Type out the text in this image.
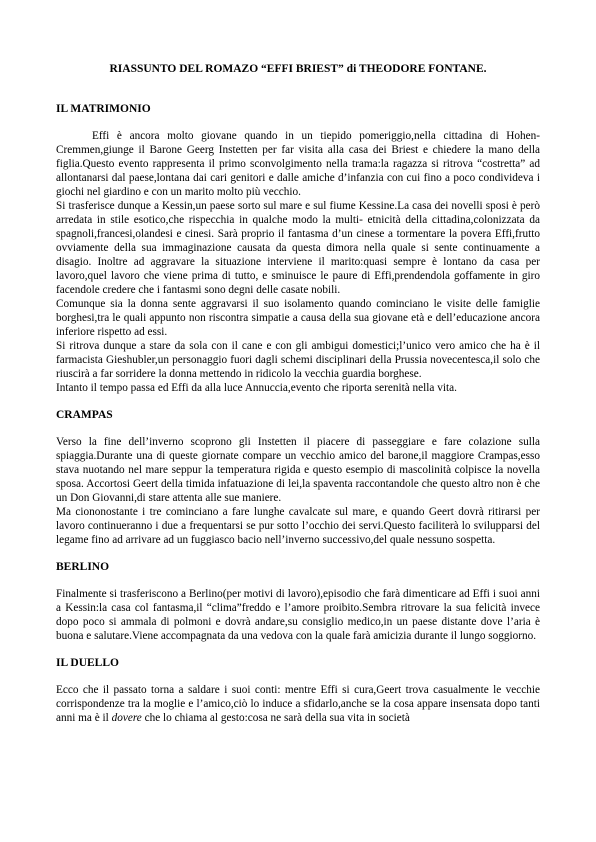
RIASSUNTO DEL ROMAZO “EFFI BRIEST” di THEODORE FONTANE.

IL MATRIMONIO

Effi è ancora molto giovane quando in un tiepido pomeriggio,nella cittadina di Hohen-Cremmen,giunge il Barone Geerg Instetten per far visita alla casa dei Briest e chiedere la mano della figlia.Questo evento rappresenta il primo sconvolgimento nella trama:la ragazza si ritrova “costretta” ad allontanarsi dal paese,lontana dai cari genitori e dalle amiche d’infanzia con cui fino a poco condivideva i giochi nel giardino e con un marito molto più vecchio.

Si trasferisce dunque a Kessin,un paese sorto sul mare e sul fiume Kessine.La casa dei novelli sposi è però arredata in stile esotico,che rispecchia in qualche modo la multi- etnicità della cittadina,colonizzata da spagnoli,francesi,olandesi e cinesi. Sarà proprio il fantasma d’un cinese a tormentare la povera Effi,frutto ovviamente della sua immaginazione causata da questa dimora nella quale si sente continuamente a disagio. Inoltre ad aggravare la situazione interviene il marito:quasi sempre è lontano da casa per lavoro,quel lavoro che viene prima di tutto, e sminuisce le paure di Effi,prendendola goffamente in giro facendole credere che i fantasmi sono degni delle casate nobili.

Comunque sia la donna sente aggravarsi il suo isolamento quando cominciano le visite delle famiglie borghesi,tra le quali appunto non riscontra simpatie a causa della sua giovane età e dell’educazione ancora inferiore rispetto ad essi.

Si ritrova dunque a stare da sola con il cane e con gli ambigui domestici;l’unico vero amico che ha è il farmacista Gieshubler,un personaggio fuori dagli schemi disciplinari della Prussia novecentesca,il solo che riuscirà a far sorridere la donna mettendo in ridicolo la vecchia guardia borghese.

Intanto il tempo passa ed Effi da alla luce Annuccia,evento che riporta serenità nella vita.

CRAMPAS

Verso la fine dell’inverno scoprono gli Instetten il piacere di passeggiare e fare colazione sulla spiaggia.Durante una di queste giornate compare un vecchio amico del barone,il maggiore Crampas,esso stava nuotando nel mare seppur la temperatura rigida e questo esempio di mascolinità colpisce la novella sposa. Accortosi Geert della timida infatuazione di lei,la spaventa raccontandole che questo altro non è che un Don Giovanni,di stare attenta alle sue maniere.

Ma ciononostante i tre cominciano a fare lunghe cavalcate sul mare, e quando Geert dovrà ritirarsi per lavoro continueranno i due a frequentarsi se pur sotto l’occhio dei servi.Questo faciliterà lo svilupparsi del legame fino ad arrivare ad un fuggiasco bacio nell’inverno successivo,del quale nessuno sospetta.

BERLINO

Finalmente si trasferiscono a Berlino(per motivi di lavoro),episodio che farà dimenticare ad Effi i suoi anni a Kessin:la casa col fantasma,il “clima”freddo e l’amore proibito.Sembra ritrovare la sua felicità invece dopo poco si ammala di polmoni e dovrà andare,su consiglio medico,in un paese distante dove l’aria è buona e salutare.Viene accompagnata da una vedova con la quale farà amicizia durante il lungo soggiorno.

IL DUELLO

Ecco che il passato torna a saldare i suoi conti: mentre Effi si cura,Geert trova casualmente le vecchie corrispondenze tra la moglie e l’amico,ciò lo induce a sfidarlo,anche se la cosa appare insensata dopo tanti anni ma è il dovere che lo chiama al gesto:cosa ne sarà della sua vita in società
